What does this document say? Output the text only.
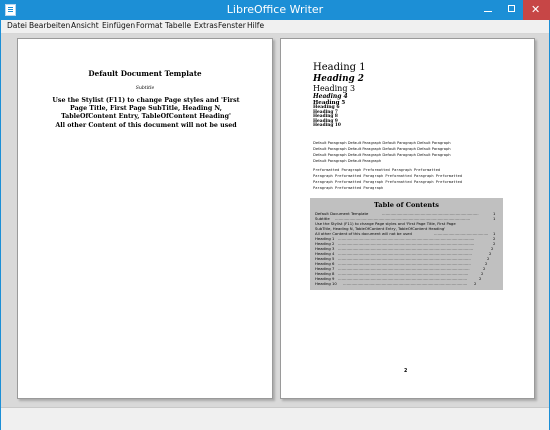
LibreOffice Writer
✕
Datei Bearbeiten Ansicht Einfügen Format Tabelle Extras Fenster Hilfe
Default Document Template
Subtitle
Use the Stylist (F11) to change Page styles and 'First
Page Title, First Page SubTitle, Heading N,
TableOfContent Entry, TableOfContent Heading'
All other Content of this document will not be used
Heading 1
Heading 2
Heading 3
Heading 4
Heading 5
Heading 6
Heading 7
Heading 8
Heading 9
Heading 10
Default Paragraph Default Paragraph Default Paragraph Default Paragraph
Default Paragraph Default Paragraph Default Paragraph Default Paragraph
Default Paragraph Default Paragraph Default Paragraph Default Paragraph
Default Paragraph Default Paragraph
Preformatted Paragraph Preformatted Paragraph Preformatted
Paragraph Preformatted Paragraph Preformatted Paragraph Preformatted
Paragraph Preformatted Paragraph Preformatted Paragraph Preformatted
Paragraph Preformatted Paragraph
Table of Contents
Default Document Template	................................................................................	1
Subtitle ................................................................................................................	1
Use the Stylist (F11) to change Page styles and 'First Page Title, First Page
SubTitle, Heading N, TableOfContent Entry, TableOfContent Heading'
All other Content of this document will not be used	.............................................	1
Heading 1 .................................................................................................................	2
Heading 2 .................................................................................................................	2
Heading 3 ................................................................................................................	2
Heading 4 ...............................................................................................................	2
Heading 5 ..............................................................................................................	2
Heading 6 ..............................................................................................................	2
Heading 7 .............................................................................................................	2
Heading 8 ............................................................................................................	2
Heading 9 ...........................................................................................................	2
Heading 10 .......................................................................................................	2
2
